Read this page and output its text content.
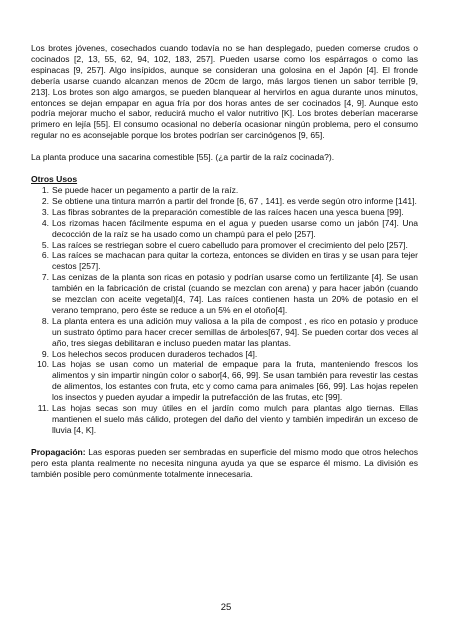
Los brotes jóvenes, cosechados cuando todavía no se han desplegado, pueden comerse crudos o cocinados [2, 13, 55, 62, 94, 102, 183, 257]. Pueden usarse como los espárragos o como las espinacas [9, 257]. Algo insípidos, aunque se consideran una golosina en el Japón [4]. El fronde debería usarse cuando alcanzan menos de 20cm de largo, más largos tienen un sabor terrible [9, 213]. Los brotes son algo amargos, se pueden blanquear al hervirlos en agua durante unos minutos, entonces se dejan empapar en agua fría por dos horas antes de ser cocinados [4, 9]. Aunque esto podría mejorar mucho el sabor, reducirá mucho el valor nutritivo [K]. Los brotes deberían macerarse primero en lejía [55]. El consumo ocasional no debería ocasionar ningún problema, pero el consumo regular no es aconsejable porque los brotes podrían ser carcinógenos [9, 65].

La planta produce una sacarina comestible [55]. (¿a partir de la raíz cocinada?).

Otros Usos
1. Se puede hacer un pegamento a partir de la raíz.
2. Se obtiene una tintura marrón a partir del fronde [6, 67 , 141]. es verde según otro informe [141].
3. Las fibras sobrantes de la preparación comestible de las raíces hacen una yesca buena [99].
4. Los rizomas hacen fácilmente espuma en el agua y pueden usarse como un jabón [74]. Una decocción de la raíz se ha usado como un champú para el pelo [257].
5. Las raíces se restriegan sobre el cuero cabelludo para promover el crecimiento del pelo [257].
6. Las raíces se machacan para quitar la corteza, entonces se dividen en tiras y se usan para tejer cestos [257].
7. Las cenizas de la planta son ricas en potasio y podrían usarse como un fertilizante [4]. Se usan también en la fabricación de cristal (cuando se mezclan con arena) y para hacer jabón (cuando se mezclan con aceite vegetal)[4, 74]. Las raíces contienen hasta un 20% de potasio en el verano temprano, pero éste se reduce a un 5% en el otoño[4].
8. La planta entera es una adición muy valiosa a la pila de compost , es rico en potasio y produce un sustrato óptimo para hacer crecer semillas de árboles[67, 94]. Se pueden cortar dos veces al año, tres siegas debilitaran e incluso pueden matar las plantas.
9. Los helechos secos producen duraderos techados [4].
10. Las hojas se usan como un material de empaque para la fruta, manteniendo frescos los alimentos y sin impartir ningún color o sabor[4, 66, 99]. Se usan también para revestir las cestas de alimentos, los estantes con fruta, etc y como cama para animales [66, 99]. Las hojas repelen los insectos y pueden ayudar a impedir la putrefacción de las frutas, etc [99].
11. Las hojas secas son muy útiles en el jardín como mulch para plantas algo tiernas. Ellas mantienen el suelo más cálido, protegen del daño del viento y también impedirán un exceso de lluvia [4, K].

Propagación: Las esporas pueden ser sembradas en superficie del mismo modo que otros helechos pero esta planta realmente no necesita ninguna ayuda ya que se esparce él mismo. La división es también posible pero comúnmente totalmente innecesaria.

25
